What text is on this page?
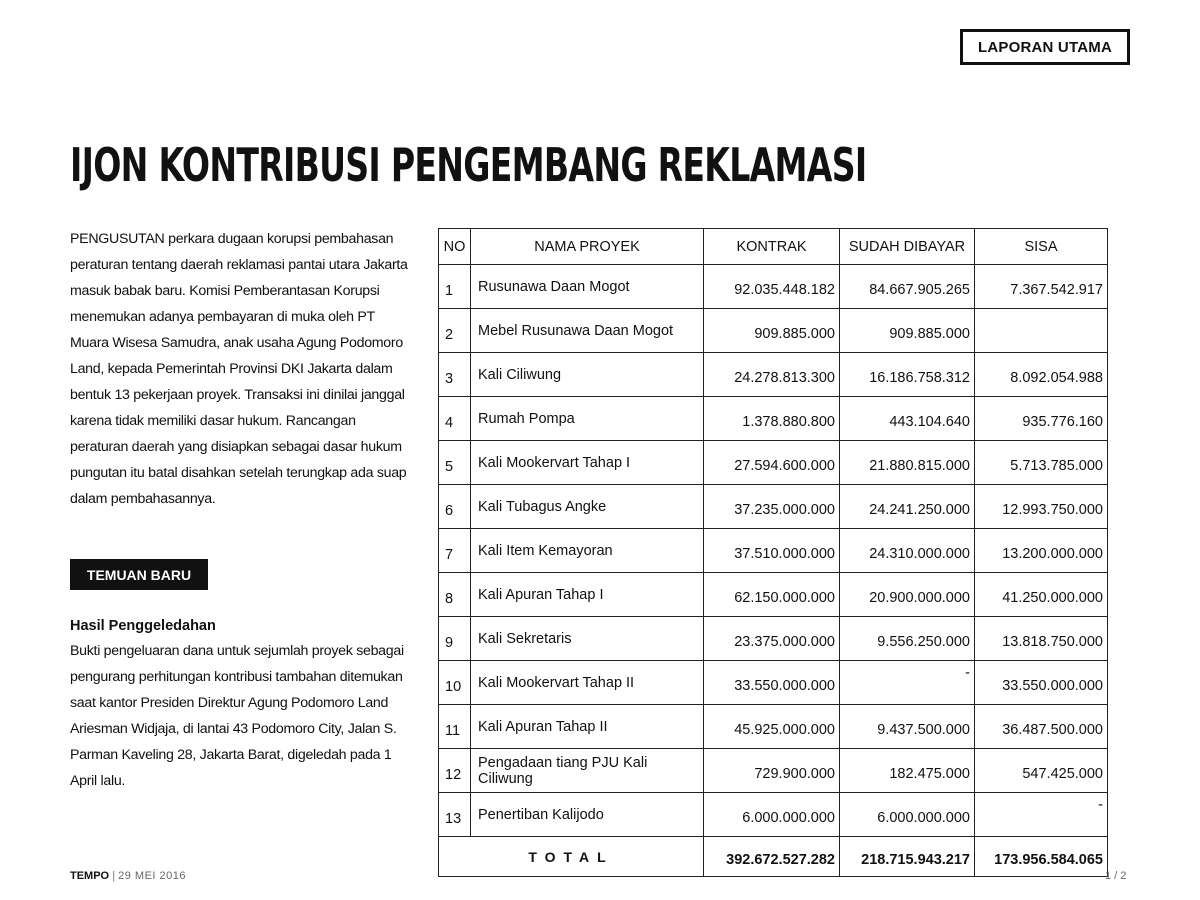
LAPORAN UTAMA
IJON KONTRIBUSI PENGEMBANG REKLAMASI

PENGUSUTAN perkara dugaan korupsi pembahasan peraturan tentang daerah reklamasi pantai utara Jakarta masuk babak baru. Komisi Pemberantasan Korupsi menemukan adanya pembayaran di muka oleh PT Muara Wisesa Samudra, anak usaha Agung Podomoro Land, kepada Pemerintah Provinsi DKI Jakarta dalam bentuk 13 pekerjaan proyek. Transaksi ini dinilai janggal karena tidak memiliki dasar hukum. Rancangan peraturan daerah yang disiapkan sebagai dasar hukum pungutan itu batal disahkan setelah terungkap ada suap dalam pembahasannya.

TEMUAN BARU
Hasil Penggeledahan

Bukti pengeluaran dana untuk sejumlah proyek sebagai pengurang perhitungan kontribusi tambahan ditemukan saat kantor Presiden Direktur Agung Podomoro Land Ariesman Widjaja, di lantai 43 Podomoro City, Jalan S. Parman Kaveling 28, Jakarta Barat, digeledah pada 1 April lalu.

NO	NAMA PROYEK	KONTRAK	SUDAH DIBAYAR	SISA
1	Rusunawa Daan Mogot	92.035.448.182	84.667.905.265	7.367.542.917
2	Mebel Rusunawa Daan Mogot	909.885.000	909.885.000	
3	Kali Ciliwung	24.278.813.300	16.186.758.312	8.092.054.988
4	Rumah Pompa	1.378.880.800	443.104.640	935.776.160
5	Kali Mookervart Tahap I	27.594.600.000	21.880.815.000	5.713.785.000
6	Kali Tubagus Angke	37.235.000.000	24.241.250.000	12.993.750.000
7	Kali Item Kemayoran	37.510.000.000	24.310.000.000	13.200.000.000
8	Kali Apuran Tahap I	62.150.000.000	20.900.000.000	41.250.000.000
9	Kali Sekretaris	23.375.000.000	9.556.250.000	13.818.750.000
10	Kali Mookervart Tahap II	33.550.000.000	-	33.550.000.000
11	Kali Apuran Tahap II	45.925.000.000	9.437.500.000	36.487.500.000
12	Pengadaan tiang PJU Kali Ciliwung	729.900.000	182.475.000	547.425.000
13	Penertiban Kalijodo	6.000.000.000	6.000.000.000	-
TOTAL		392.672.527.282	218.715.943.217	173.956.584.065
TEMPO | 29 MEI 2016	1 / 2
